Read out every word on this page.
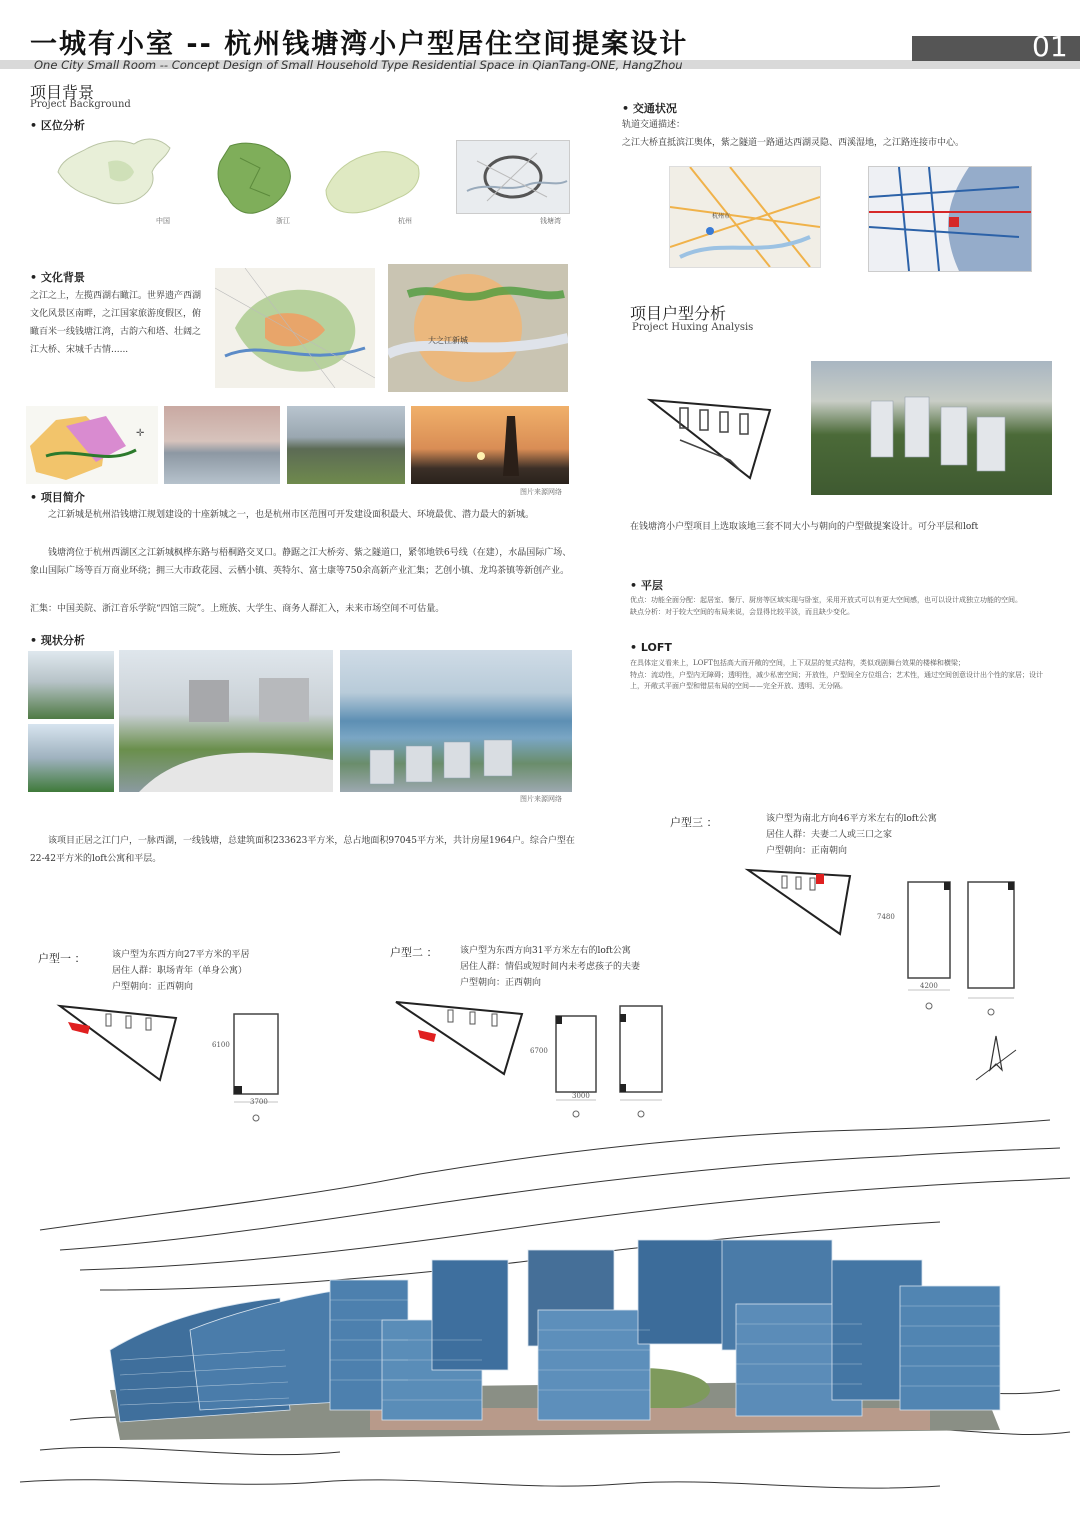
01
一城有小室 -- 杭州钱塘湾小户型居住空间提案设计
One City Small Room -- Concept Design of Small Household Type Residential Space in QianTang-ONE, HangZhou
项目背景
Project Background
• 区位分析
中国	浙江	杭州	钱塘湾
• 文化背景
之江之上，左揽西湖右瞰江。世界遗产西湖文化风景区南畔，之江国家旅游度假区，俯瞰百米一线钱塘江湾，古韵六和塔、壮阔之江大桥、宋城千古情......
大之江新城
✛
图片来源网络
• 项目简介
之江新城是杭州沿钱塘江规划建设的十座新城之一，也是杭州市区范围可开发建设面积最大、环境最优、潜力最大的新城。
钱塘湾位于杭州西湖区之江新城枫桦东路与梧桐路交叉口。静踞之江大桥旁、紫之隧道口，紧邻地铁6号线（在建），水晶国际广场、象山国际广场等百万商业环绕；拥三大市政花园、云栖小镇、英特尔、富士康等750余高新产业汇集；艺创小镇、龙坞茶镇等新创产业。
汇集：中国美院、浙江音乐学院“四馆三院”。上班族、大学生、商务人群汇入，未来市场空间不可估量。
• 现状分析
图片来源网络
该项目正居之江门户，一脉西湖，一线钱塘，总建筑面积233623平方米，总占地面积97045平方米，共计房屋1964户。综合户型在22-42平方米的loft公寓和平层。
• 交通状况
轨道交通描述：
之江大桥直抵滨江奥体，紫之隧道一路通达西湖灵隐、西溪湿地，之江路连接市中心。
杭州市
项目户型分析
Project Huxing Analysis
在钱塘湾小户型项目上选取该地三套不同大小与朝向的户型做提案设计。可分平层和loft
• 平层
优点：功能全面分配：起居室、餐厅、厨房等区域实现与卧室，采用开放式可以有更大空间感，也可以设计成独立功能的空间。
缺点分析：对于较大空间的布局来说，会显得比较平淡，而且缺少变化。
• LOFT
在具体定义看来上，LOFT包括高大而开敞的空间，上下双层的复式结构，类似戏剧舞台效果的楼梯和横梁；
特点：流动性，户型内无障碍；透明性，减少私密空间；开放性，户型间全方位组合；艺术性，通过空间创意设计出个性的家居；设计上，开敞式平面户型和错层布局的空间——完全开放、透明、无分隔。
户型三 ：	该户型为南北方向46平方米左右的loft公寓
居住人群：夫妻二人或三口之家
户型朝向：正南朝向
4200
7480
户型一 ：	该户型为东西方向27平方米的平居
居住人群：职场青年（单身公寓）
户型朝向：正西朝向
3700
6100
户型二 ：	该户型为东西方向31平方米左右的loft公寓
居住人群：情侣或短时间内未考虑孩子的夫妻
户型朝向：正西朝向
3000
6700
